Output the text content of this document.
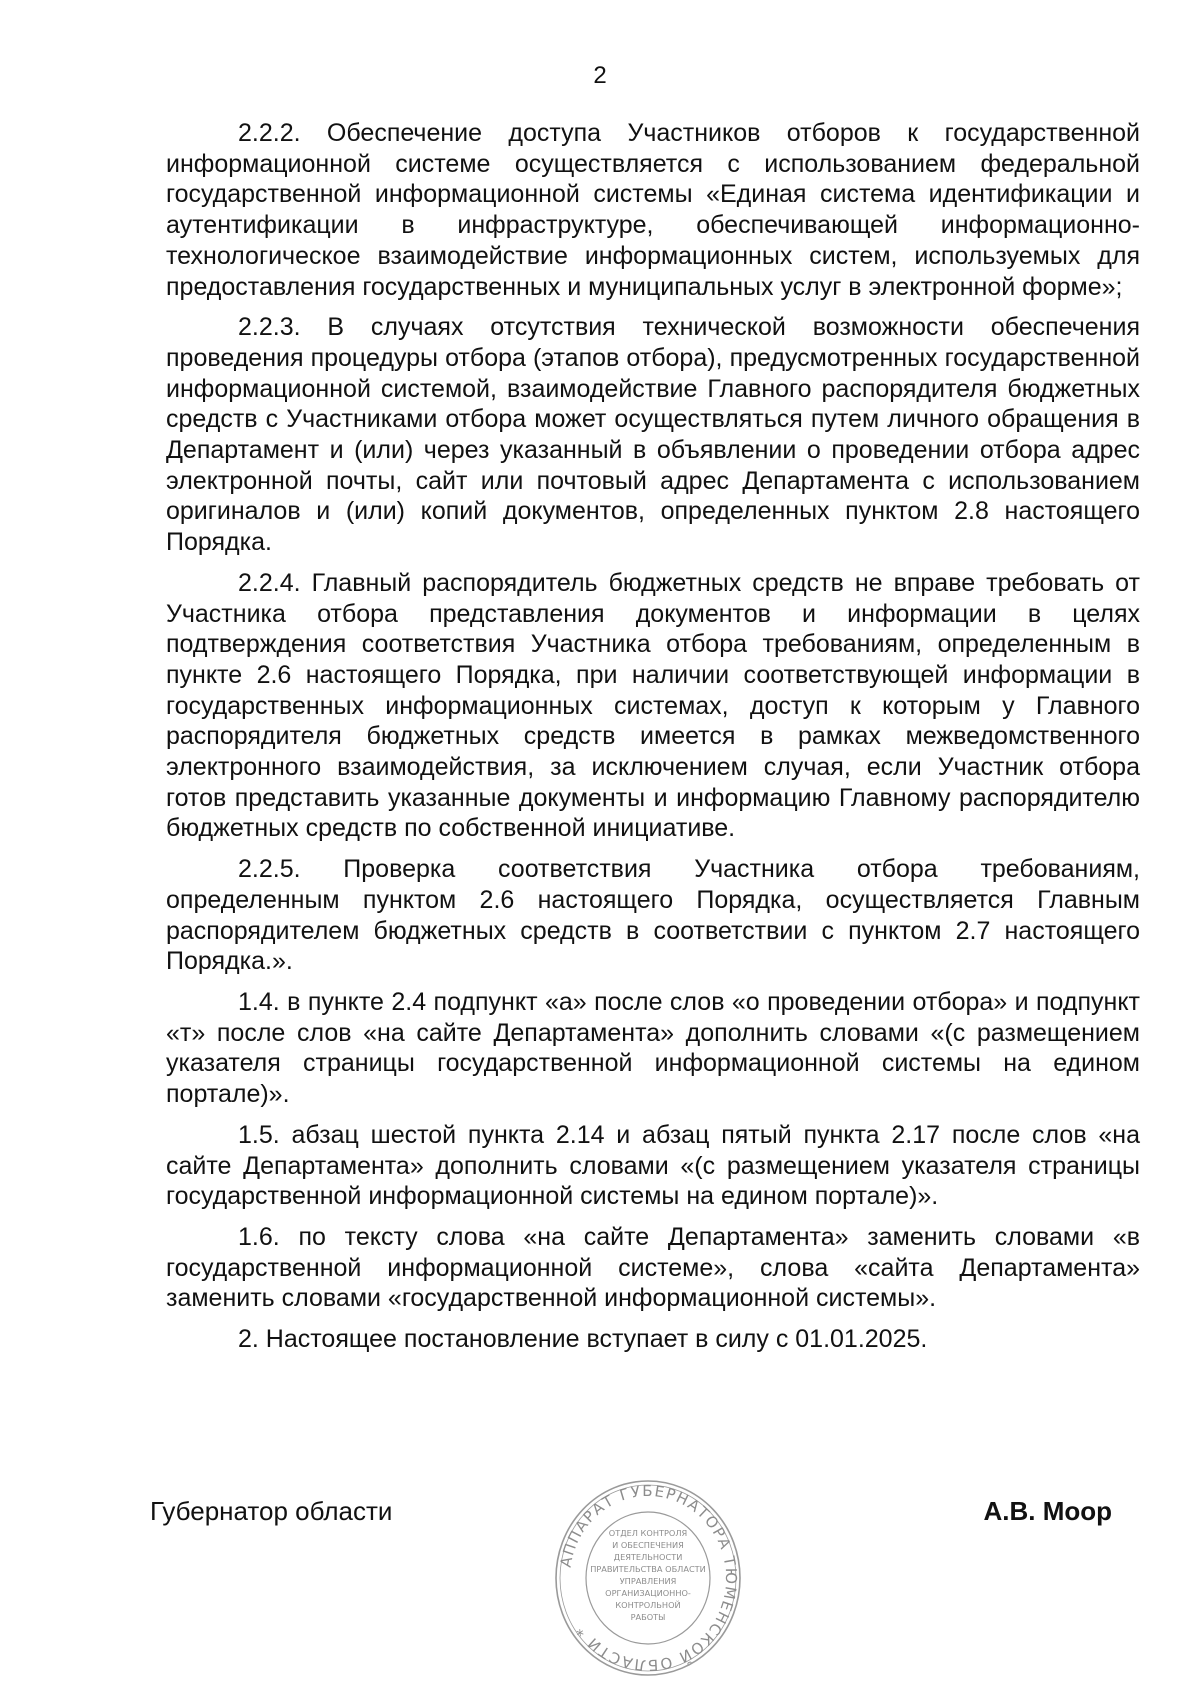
2

2.2.2. Обеспечение доступа Участников отборов к государственной информационной системе осуществляется с использованием федеральной государственной информационной системы «Единая система идентификации и аутентификации в инфраструктуре, обеспечивающей информационно-технологическое взаимодействие информационных систем, используемых для предоставления государственных и муниципальных услуг в электронной форме»;

2.2.3. В случаях отсутствия технической возможности обеспечения проведения процедуры отбора (этапов отбора), предусмотренных государственной информационной системой, взаимодействие Главного распорядителя бюджетных средств с Участниками отбора может осуществляться путем личного обращения в Департамент и (или) через указанный в объявлении о проведении отбора адрес электронной почты, сайт или почтовый адрес Департамента с использованием оригиналов и (или) копий документов, определенных пунктом 2.8 настоящего Порядка.

2.2.4. Главный распорядитель бюджетных средств не вправе требовать от Участника отбора представления документов и информации в целях подтверждения соответствия Участника отбора требованиям, определенным в пункте 2.6 настоящего Порядка, при наличии соответствующей информации в государственных информационных системах, доступ к которым у Главного распорядителя бюджетных средств имеется в рамках межведомственного электронного взаимодействия, за исключением случая, если Участник отбора готов представить указанные документы и информацию Главному распорядителю бюджетных средств по собственной инициативе.

2.2.5. Проверка соответствия Участника отбора требованиям, определенным пунктом 2.6 настоящего Порядка, осуществляется Главным распорядителем бюджетных средств в соответствии с пунктом 2.7 настоящего Порядка.».

1.4. в пункте 2.4 подпункт «а» после слов «о проведении отбора» и подпункт «т» после слов «на сайте Департамента» дополнить словами «(с размещением указателя страницы государственной информационной системы на едином портале)».

1.5. абзац шестой пункта 2.14 и абзац пятый пункта 2.17 после слов «на сайте Департамента» дополнить словами «(с размещением указателя страницы государственной информационной системы на едином портале)».

1.6. по тексту слова «на сайте Департамента» заменить словами «в государственной информационной системе», слова «сайта Департамента» заменить словами «государственной информационной системы».

2. Настоящее постановление вступает в силу с 01.01.2025.

Губернатор области	А.В. Моор
АППАРАТ ГУБЕРНАТОРА ТЮМЕНСКОЙ ОБЛАСТИ *
ОТДЕЛ КОНТРОЛЯ
И ОБЕСПЕЧЕНИЯ
ДЕЯТЕЛЬНОСТИ
ПРАВИТЕЛЬСТВА ОБЛАСТИ
УПРАВЛЕНИЯ
ОРГАНИЗАЦИОННО-
КОНТРОЛЬНОЙ
РАБОТЫ
